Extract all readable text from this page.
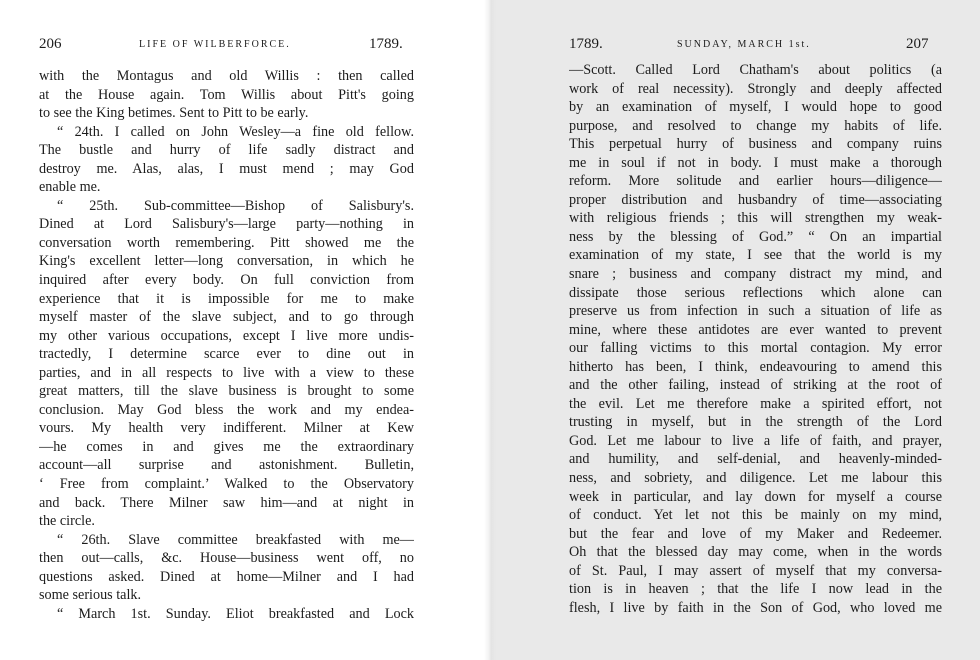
206	LIFE OF WILBERFORCE.	1789.
with the Montagus and old Willis : then called
at the House again. Tom Willis about Pitt's going
to see the King betimes. Sent to Pitt to be early.
“ 24th. I called on John Wesley—a fine old fellow.
The bustle and hurry of life sadly distract and
destroy me. Alas, alas, I must mend ; may God
enable me.
“ 25th. Sub-committee—Bishop of Salisbury's.
Dined at Lord Salisbury's—large party—nothing in
conversation worth remembering. Pitt showed me the
King's excellent letter—long conversation, in which he
inquired after every body. On full conviction from
experience that it is impossible for me to make
myself master of the slave subject, and to go through
my other various occupations, except I live more undis-
tractedly, I determine scarce ever to dine out in
parties, and in all respects to live with a view to these
great matters, till the slave business is brought to some
conclusion. May God bless the work and my endea-
vours. My health very indifferent. Milner at Kew
—he comes in and gives me the extraordinary
account—all surprise and astonishment. Bulletin,
‘ Free from complaint.’ Walked to the Observatory
and back. There Milner saw him—and at night in
the circle.
“ 26th. Slave committee breakfasted with me—
then out—calls, &c. House—business went off, no
questions asked. Dined at home—Milner and I had
some serious talk.
“ March 1st. Sunday. Eliot breakfasted and Lock
1789.	SUNDAY, MARCH 1st.	207
—Scott. Called Lord Chatham's about politics (a
work of real necessity). Strongly and deeply affected
by an examination of myself, I would hope to good
purpose, and resolved to change my habits of life.
This perpetual hurry of business and company ruins
me in soul if not in body. I must make a thorough
reform. More solitude and earlier hours—diligence—
proper distribution and husbandry of time—associating
with religious friends ; this will strengthen my weak-
ness by the blessing of God.” “ On an impartial
examination of my state, I see that the world is my
snare ; business and company distract my mind, and
dissipate those serious reflections which alone can
preserve us from infection in such a situation of life as
mine, where these antidotes are ever wanted to prevent
our falling victims to this mortal contagion. My error
hitherto has been, I think, endeavouring to amend this
and the other failing, instead of striking at the root of
the evil. Let me therefore make a spirited effort, not
trusting in myself, but in the strength of the Lord
God. Let me labour to live a life of faith, and prayer,
and humility, and self-denial, and heavenly-minded-
ness, and sobriety, and diligence. Let me labour this
week in particular, and lay down for myself a course
of conduct. Yet let not this be mainly on my mind,
but the fear and love of my Maker and Redeemer.
Oh that the blessed day may come, when in the words
of St. Paul, I may assert of myself that my conversa-
tion is in heaven ; that the life I now lead in the
flesh, I live by faith in the Son of God, who loved me
